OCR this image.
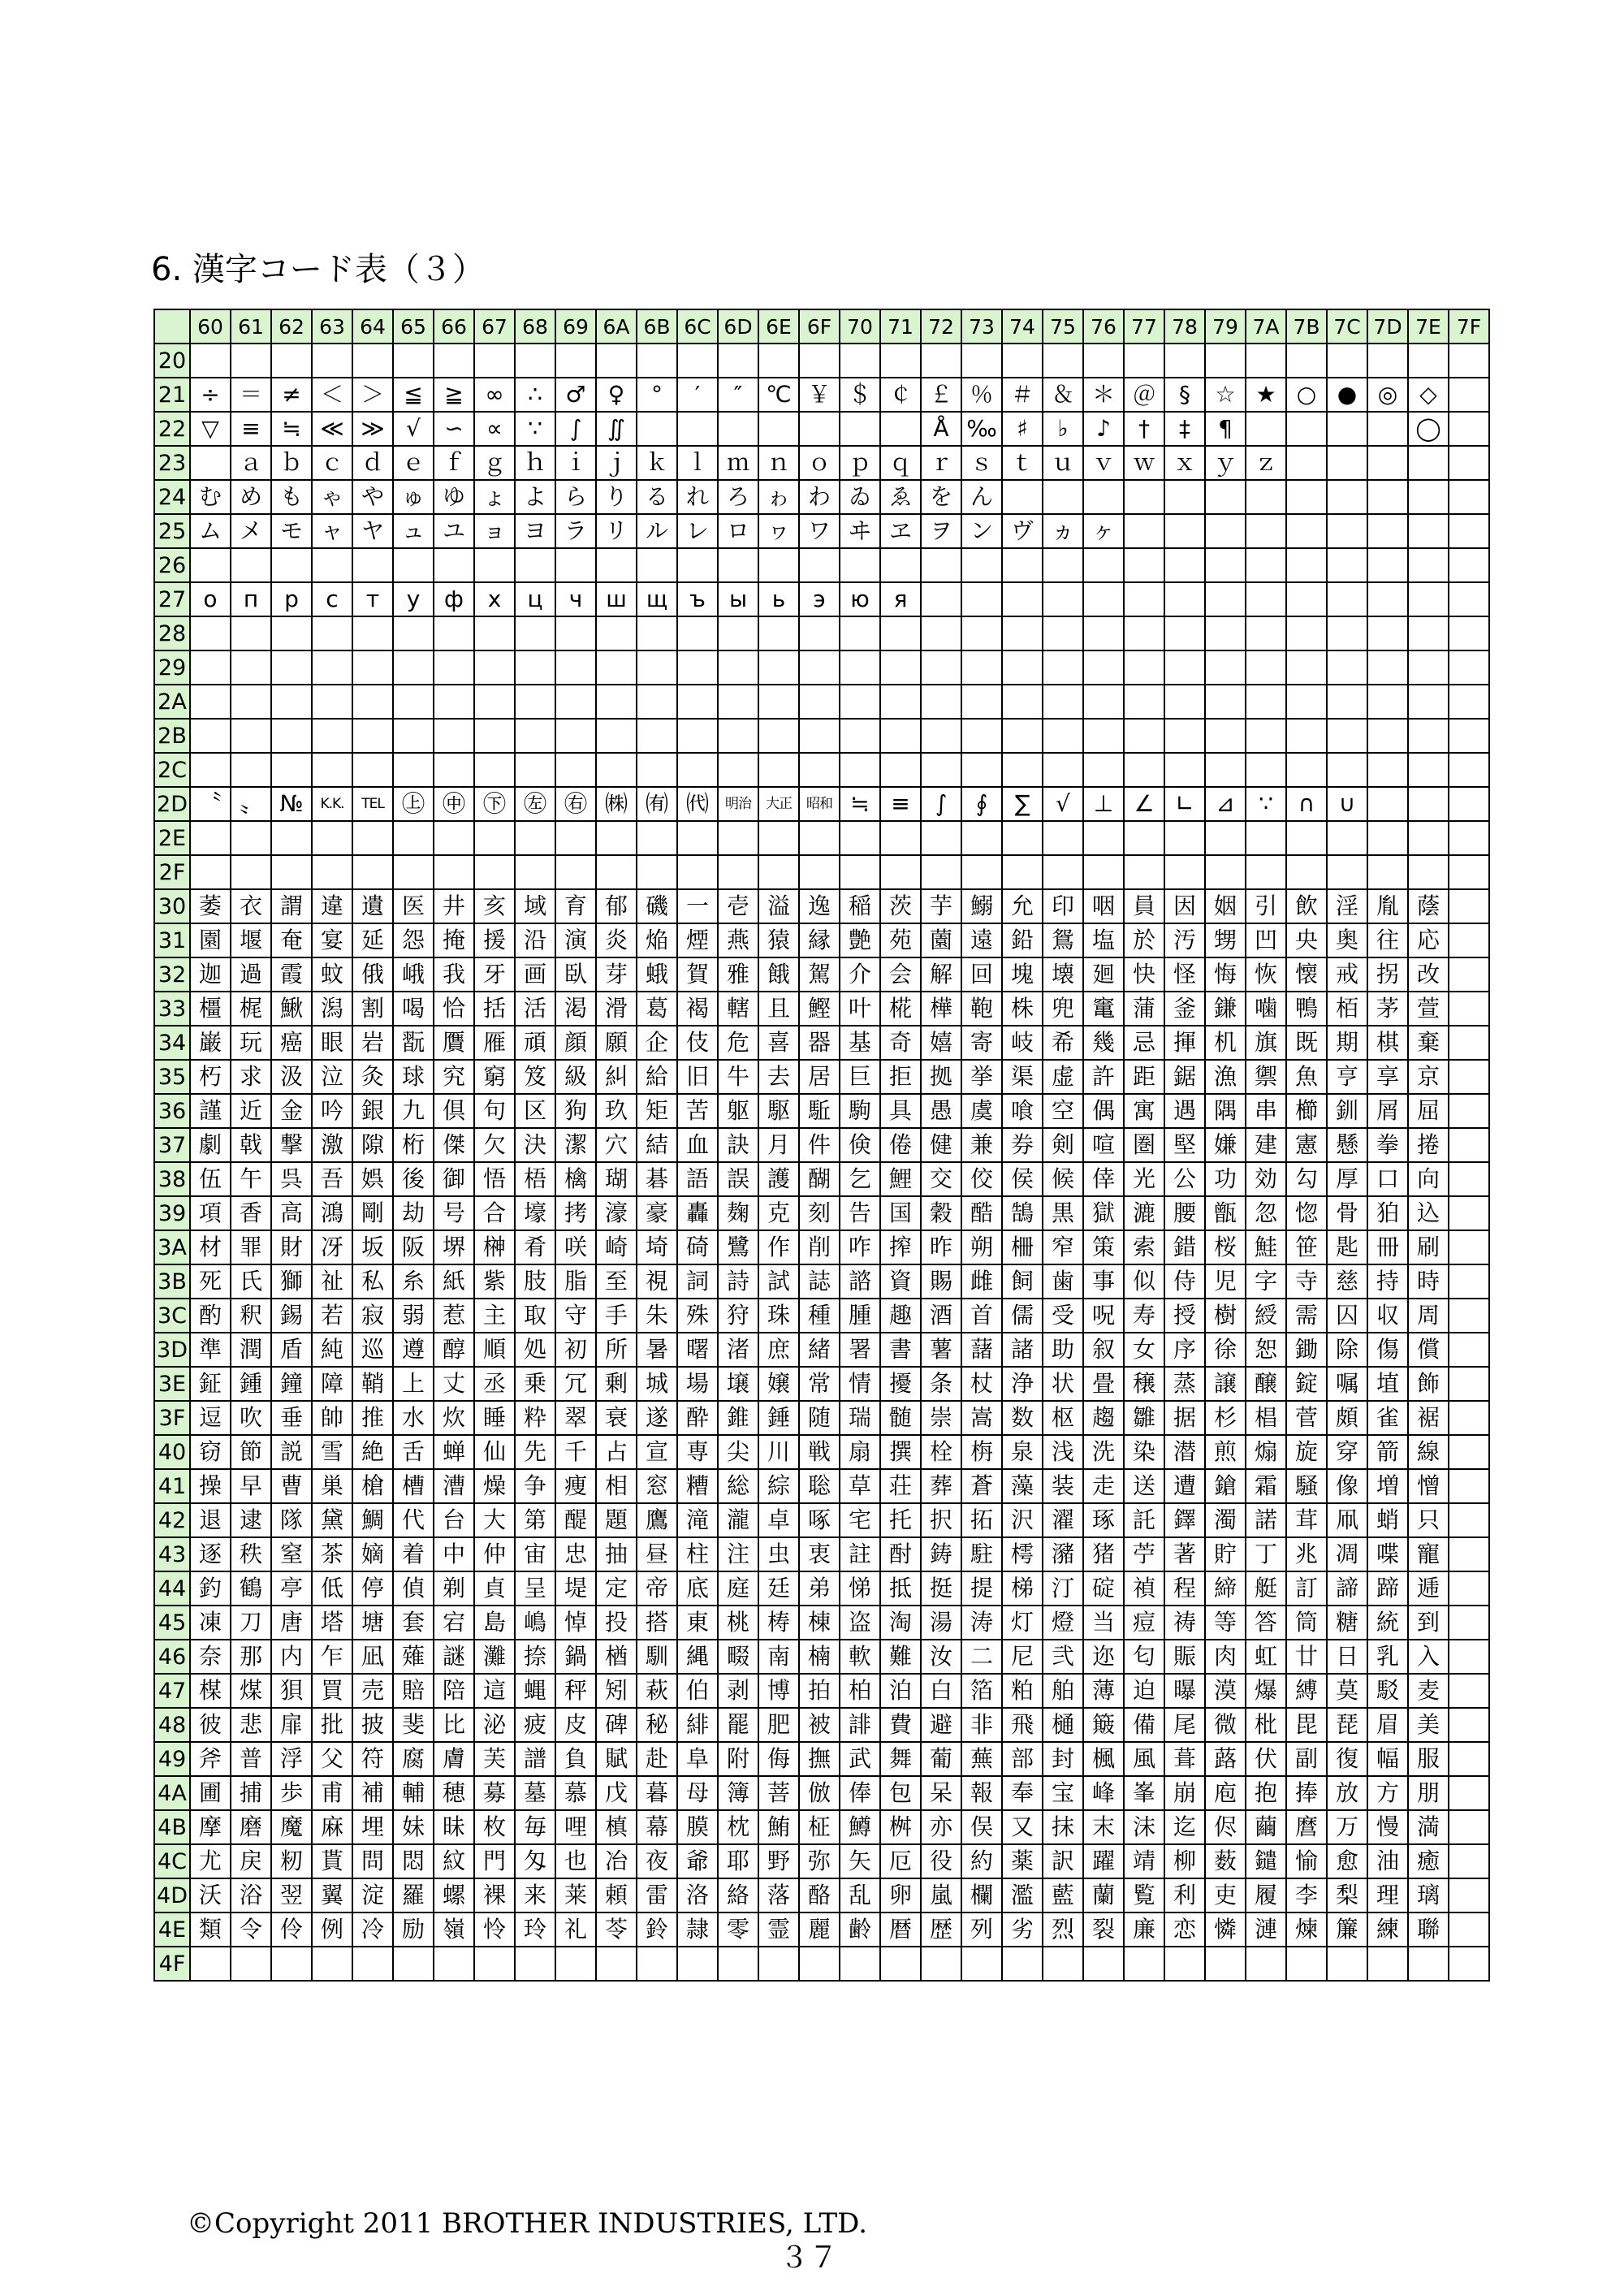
6. 漢字コード表（３）
	60	61	62	63	64	65	66	67	68	69	6A	6B	6C	6D	6E	6F	70	71	72	73	74	75	76	77	78	79	7A	7B	7C	7D	7E	7F
20																																
21	÷	＝	≠	＜	＞	≦	≧	∞	∴	♂	♀	°	′	″	℃	￥	＄	￠	￡	％	＃	＆	＊	＠	§	☆	★	○	●	◎	◇	
22	▽	≡	≒	≪	≫	√	∽	∝	∵	∫	∬								Å	‰	♯	♭	♪	†	‡	¶					◯	
23		ａ	ｂ	ｃ	ｄ	ｅ	ｆ	ｇ	ｈ	ｉ	ｊ	ｋ	ｌ	ｍ	ｎ	ｏ	ｐ	ｑ	ｒ	ｓ	ｔ	ｕ	ｖ	ｗ	ｘ	ｙ	ｚ					
24	む	め	も	ゃ	や	ゅ	ゆ	ょ	よ	ら	り	る	れ	ろ	ゎ	わ	ゐ	ゑ	を	ん												
25	ム	メ	モ	ャ	ヤ	ュ	ユ	ョ	ヨ	ラ	リ	ル	レ	ロ	ヮ	ワ	ヰ	ヱ	ヲ	ン	ヴ	ヵ	ヶ									
26																																
27	о	п	р	с	т	у	ф	х	ц	ч	ш	щ	ъ	ы	ь	э	ю	я														
28																																
29																																
2A																																
2B																																
2C																																
2D	〝	〟	№	K.K.	TEL	㊤	㊥	㊦	㊧	㊨	㈱	㈲	㈹	明治	大正	昭和	≒	≡	∫	∮	∑	√	⊥	∠	∟	⊿	∵	∩	∪			
2E																																
2F																																
30	萎	衣	謂	違	遺	医	井	亥	域	育	郁	磯	一	壱	溢	逸	稲	茨	芋	鰯	允	印	咽	員	因	姻	引	飲	淫	胤	蔭	
31	園	堰	奄	宴	延	怨	掩	援	沿	演	炎	焔	煙	燕	猿	縁	艶	苑	薗	遠	鉛	鴛	塩	於	汚	甥	凹	央	奥	往	応	
32	迦	過	霞	蚊	俄	峨	我	牙	画	臥	芽	蛾	賀	雅	餓	駕	介	会	解	回	塊	壊	廻	快	怪	悔	恢	懐	戒	拐	改	
33	橿	梶	鰍	潟	割	喝	恰	括	活	渇	滑	葛	褐	轄	且	鰹	叶	椛	樺	鞄	株	兜	竃	蒲	釜	鎌	噛	鴨	栢	茅	萱	
34	巌	玩	癌	眼	岩	翫	贋	雁	頑	顔	願	企	伎	危	喜	器	基	奇	嬉	寄	岐	希	幾	忌	揮	机	旗	既	期	棋	棄	
35	朽	求	汲	泣	灸	球	究	窮	笈	級	糾	給	旧	牛	去	居	巨	拒	拠	挙	渠	虚	許	距	鋸	漁	禦	魚	亨	享	京	
36	謹	近	金	吟	銀	九	倶	句	区	狗	玖	矩	苦	躯	駆	駈	駒	具	愚	虞	喰	空	偶	寓	遇	隅	串	櫛	釧	屑	屈	
37	劇	戟	撃	激	隙	桁	傑	欠	決	潔	穴	結	血	訣	月	件	倹	倦	健	兼	券	剣	喧	圏	堅	嫌	建	憲	懸	拳	捲	
38	伍	午	呉	吾	娯	後	御	悟	梧	檎	瑚	碁	語	誤	護	醐	乞	鯉	交	佼	侯	候	倖	光	公	功	効	勾	厚	口	向	
39	項	香	高	鴻	剛	劫	号	合	壕	拷	濠	豪	轟	麹	克	刻	告	国	穀	酷	鵠	黒	獄	漉	腰	甑	忽	惚	骨	狛	込	
3A	材	罪	財	冴	坂	阪	堺	榊	肴	咲	崎	埼	碕	鷺	作	削	咋	搾	昨	朔	柵	窄	策	索	錯	桜	鮭	笹	匙	冊	刷	
3B	死	氏	獅	祉	私	糸	紙	紫	肢	脂	至	視	詞	詩	試	誌	諮	資	賜	雌	飼	歯	事	似	侍	児	字	寺	慈	持	時	
3C	酌	釈	錫	若	寂	弱	惹	主	取	守	手	朱	殊	狩	珠	種	腫	趣	酒	首	儒	受	呪	寿	授	樹	綬	需	囚	収	周	
3D	準	潤	盾	純	巡	遵	醇	順	処	初	所	暑	曙	渚	庶	緒	署	書	薯	藷	諸	助	叙	女	序	徐	恕	鋤	除	傷	償	
3E	鉦	鍾	鐘	障	鞘	上	丈	丞	乗	冗	剰	城	場	壌	嬢	常	情	擾	条	杖	浄	状	畳	穣	蒸	譲	醸	錠	嘱	埴	飾	
3F	逗	吹	垂	帥	推	水	炊	睡	粋	翠	衰	遂	酔	錐	錘	随	瑞	髄	崇	嵩	数	枢	趨	雛	据	杉	椙	菅	頗	雀	裾	
40	窃	節	説	雪	絶	舌	蝉	仙	先	千	占	宣	専	尖	川	戦	扇	撰	栓	栴	泉	浅	洗	染	潜	煎	煽	旋	穿	箭	線	
41	操	早	曹	巣	槍	槽	漕	燥	争	痩	相	窓	糟	総	綜	聡	草	荘	葬	蒼	藻	装	走	送	遭	鎗	霜	騒	像	増	憎	
42	退	逮	隊	黛	鯛	代	台	大	第	醍	題	鷹	滝	瀧	卓	啄	宅	托	択	拓	沢	濯	琢	託	鐸	濁	諾	茸	凧	蛸	只	
43	逐	秩	窒	茶	嫡	着	中	仲	宙	忠	抽	昼	柱	注	虫	衷	註	酎	鋳	駐	樗	瀦	猪	苧	著	貯	丁	兆	凋	喋	寵	
44	釣	鶴	亭	低	停	偵	剃	貞	呈	堤	定	帝	底	庭	廷	弟	悌	抵	挺	提	梯	汀	碇	禎	程	締	艇	訂	諦	蹄	逓	
45	凍	刀	唐	塔	塘	套	宕	島	嶋	悼	投	搭	東	桃	梼	棟	盗	淘	湯	涛	灯	燈	当	痘	祷	等	答	筒	糖	統	到	
46	奈	那	内	乍	凪	薙	謎	灘	捺	鍋	楢	馴	縄	畷	南	楠	軟	難	汝	二	尼	弐	迩	匂	賑	肉	虹	廿	日	乳	入	
47	楳	煤	狽	買	売	賠	陪	這	蝿	秤	矧	萩	伯	剥	博	拍	柏	泊	白	箔	粕	舶	薄	迫	曝	漠	爆	縛	莫	駁	麦	
48	彼	悲	扉	批	披	斐	比	泌	疲	皮	碑	秘	緋	罷	肥	被	誹	費	避	非	飛	樋	簸	備	尾	微	枇	毘	琵	眉	美	
49	斧	普	浮	父	符	腐	膚	芙	譜	負	賦	赴	阜	附	侮	撫	武	舞	葡	蕪	部	封	楓	風	葺	蕗	伏	副	復	幅	服	
4A	圃	捕	歩	甫	補	輔	穂	募	墓	慕	戊	暮	母	簿	菩	倣	俸	包	呆	報	奉	宝	峰	峯	崩	庖	抱	捧	放	方	朋	
4B	摩	磨	魔	麻	埋	妹	昧	枚	毎	哩	槙	幕	膜	枕	鮪	柾	鱒	桝	亦	俣	又	抹	末	沫	迄	侭	繭	麿	万	慢	満	
4C	尤	戻	籾	貰	問	悶	紋	門	匁	也	冶	夜	爺	耶	野	弥	矢	厄	役	約	薬	訳	躍	靖	柳	薮	鑓	愉	愈	油	癒	
4D	沃	浴	翌	翼	淀	羅	螺	裸	来	莱	頼	雷	洛	絡	落	酪	乱	卵	嵐	欄	濫	藍	蘭	覧	利	吏	履	李	梨	理	璃	
4E	類	令	伶	例	冷	励	嶺	怜	玲	礼	苓	鈴	隷	零	霊	麗	齢	暦	歴	列	劣	烈	裂	廉	恋	憐	漣	煉	簾	練	聯	
4F																																
©Copyright 2011 BROTHER INDUSTRIES, LTD.
３７
